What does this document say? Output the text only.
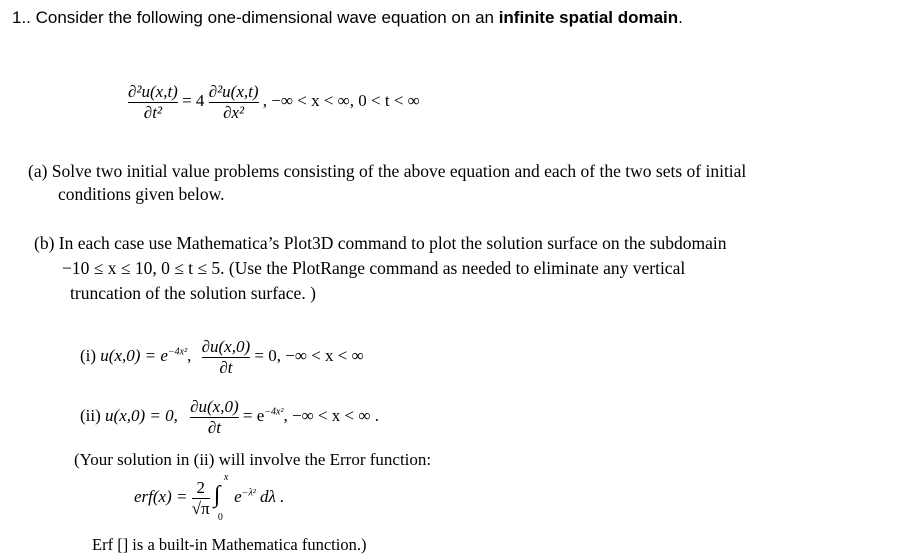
1.. Consider the following one-dimensional wave equation on an infinite spatial domain.
$\frac{\text{∂²u(x,t)}}{\text{∂t²}} = 4 \frac{\text{∂²u(x,t)}}{\text{∂x²}}$ , −∞ < x < ∞, 0 < t < ∞
(a) Solve two initial value problems consisting of the above equation and each of the two sets of initial
conditions given below.
(b) In each case use Mathematica’s Plot3D command to plot the solution surface on the subdomain
−10 ≤ x ≤ 10, 0 ≤ t ≤ 5. (Use the PlotRange command as needed to eliminate any vertical
truncation of the solution surface. )
(i) $u(x,0) = e^{-4x^2}$, $\frac{\partial u(x,0)}{\partial t} = 0$, −∞ < x < ∞
(ii) u(x,0) = 0, $\frac{\partial u(x,0)}{\partial t} = e^{-4x^2}$, −∞ < x < ∞ .
(Your solution in (ii) will involve the Error function:
$erf(x) = \frac{2}{√\pi}$
∫
x
0
$e^{-\lambda^2}$ dλ .
Erf [] is a built-in Mathematica function.)
